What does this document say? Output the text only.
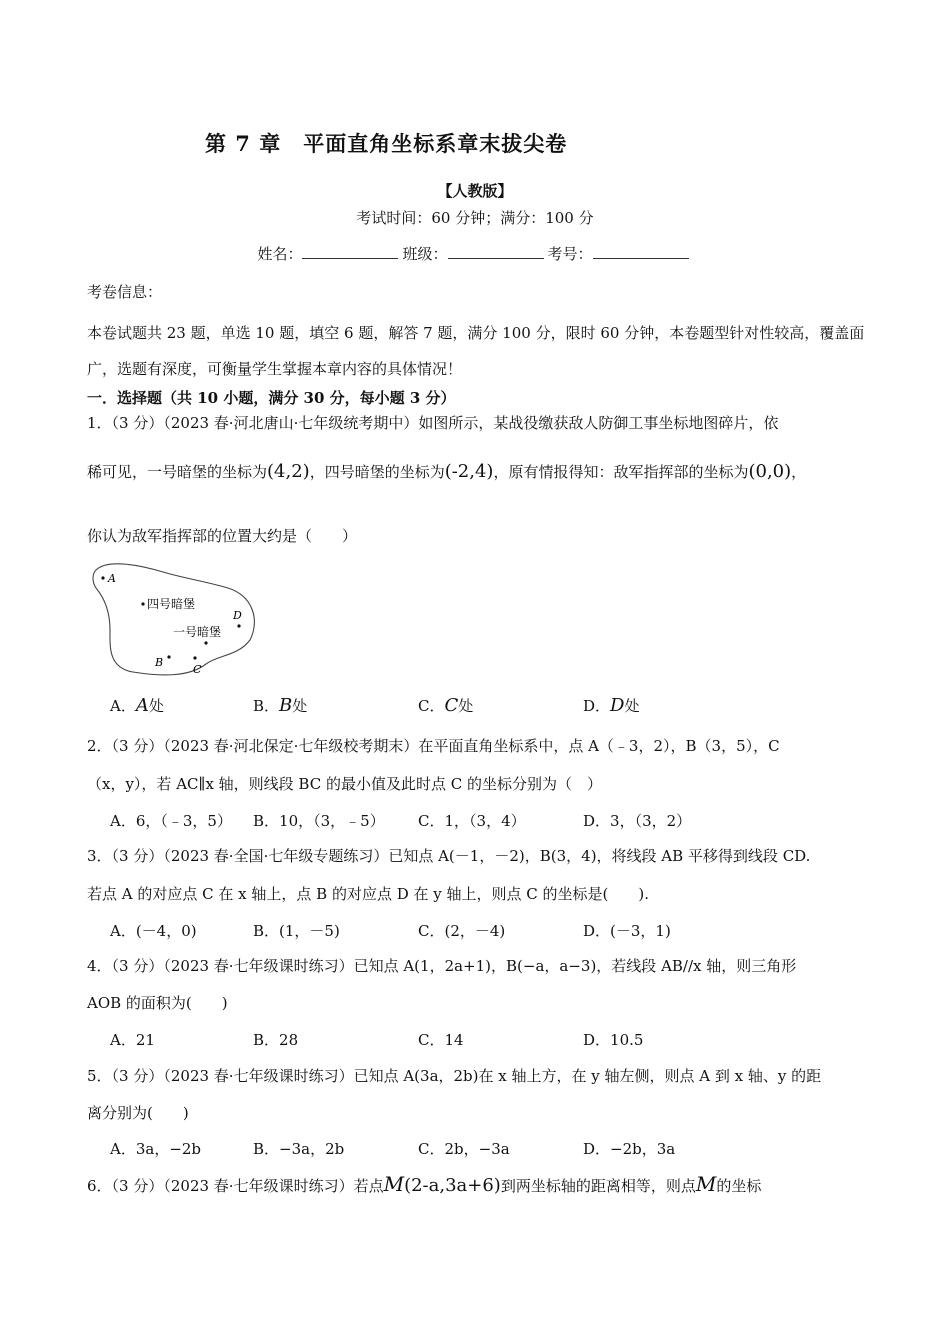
第 7 章　平面直角坐标系章末拔尖卷
【人教版】
考试时间：60 分钟；满分：100 分
姓名：	班级：	考号：
考卷信息：
本卷试题共 23 题，单选 10 题，填空 6 题，解答 7 题，满分 100 分，限时 60 分钟，本卷题型针对性较高，覆盖面广，选题有深度，可衡量学生掌握本章内容的具体情况！
一．选择题（共 10 小题，满分 30 分，每小题 3 分）
1．（3 分）（2023 春·河北唐山·七年级统考期中）如图所示，某战役缴获敌人防御工事坐标地图碎片，依
稀可见，一号暗堡的坐标为(4,2)，四号暗堡的坐标为(-2,4)，原有情报得知：敌军指挥部的坐标为(0,0)，
你认为敌军指挥部的位置大约是（　　）
A
四号暗堡
D
一号暗堡
B
C
A．A处	B．B处	C．C处	D．D处
2．（3 分）（2023 春·河北保定·七年级校考期末）在平面直角坐标系中，点 A（﹣3，2），B（3，5），C
（x，y），若 AC∥x 轴，则线段 BC 的最小值及此时点 C 的坐标分别为（　）
A．6，（﹣3，5） B．10，（3，﹣5） C．1，（3，4）	D．3，（3，2）
3．（3 分）（2023 春·全国·七年级专题练习）已知点 A(－1，－2)，B(3，4)，将线段 AB 平移得到线段 CD.
若点 A 的对应点 C 在 x 轴上，点 B 的对应点 D 在 y 轴上，则点 C 的坐标是(　　).
A．(－4，0)	B．(1，－5)	C．(2，－4)	D．(－3，1)
4．（3 分）（2023 春·七年级课时练习）已知点 A(1，2a+1)，B(−a，a−3)，若线段 AB//x 轴，则三角形
AOB 的面积为(　　)
A．21	B．28	C．14	D．10.5
5．（3 分）（2023 春·七年级课时练习）已知点 A(3a，2b)在 x 轴上方，在 y 轴左侧，则点 A 到 x 轴、y 的距
离分别为(　　)
A．3a，−2b	B．−3a，2b	C．2b，−3a	D．−2b，3a
6．（3 分）（2023 春·七年级课时练习）若点M(2-a,3a+6)到两坐标轴的距离相等，则点M的坐标
